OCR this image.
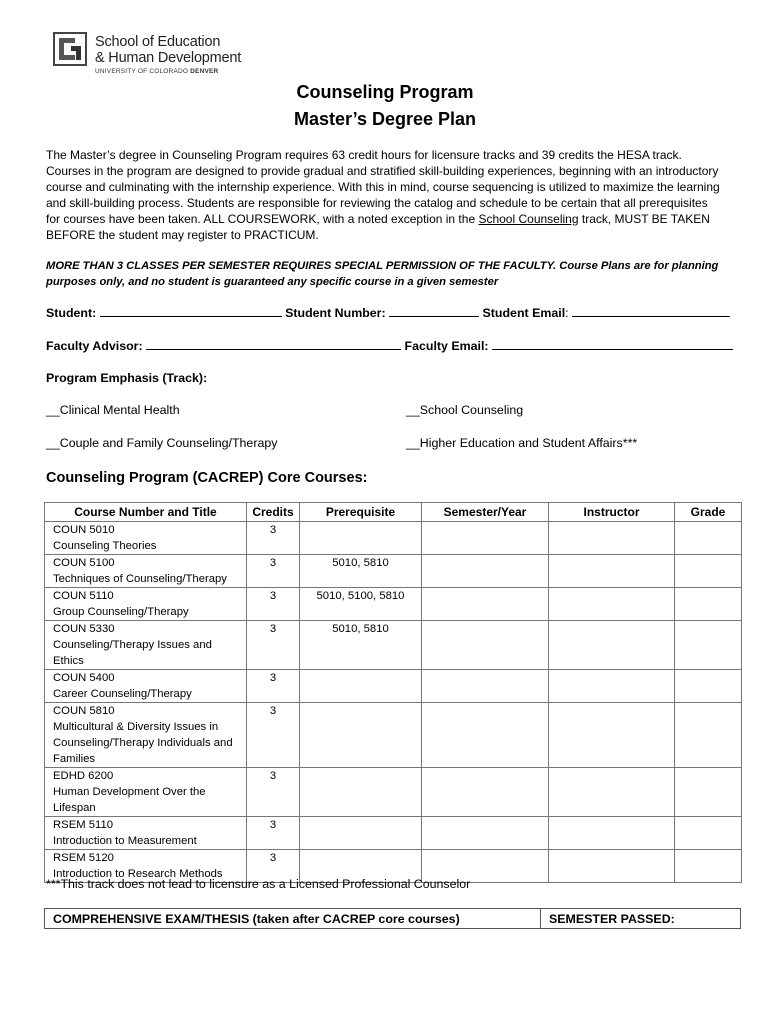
School of Education
& Human Development
UNIVERSITY OF COLORADO DENVER
Counseling Program
Master’s Degree Plan
The Master’s degree in Counseling Program requires 63 credit hours for licensure tracks and 39 credits the HESA track. Courses in the program are designed to provide gradual and stratified skill-building experiences, beginning with an introductory course and culminating with the internship experience. With this in mind, course sequencing is utilized to maximize the learning and skill-building process. Students are responsible for reviewing the catalog and schedule to be certain that all prerequisites for courses have been taken. ALL COURSEWORK, with a noted exception in the School Counseling track, MUST BE TAKEN BEFORE the student may register to PRACTICUM.
MORE THAN 3 CLASSES PER SEMESTER REQUIRES SPECIAL PERMISSION OF THE FACULTY. Course Plans are for planning purposes only, and no student is guaranteed any specific course in a given semester
Student:	Student Number:	Student Email:
Faculty Advisor:	Faculty Email:
Program Emphasis (Track):
__Clinical Mental Health	__School Counseling
__Couple and Family Counseling/Therapy	__Higher Education and Student Affairs***
Counseling Program (CACREP) Core Courses:
Course Number and Title	Credits	Prerequisite	Semester/Year	Instructor	Grade

COUN 5010
Counseling Theories	3				

COUN 5100
Techniques of Counseling/Therapy	3	5010, 5810			

COUN 5110
Group Counseling/Therapy	3	5010, 5100, 5810			

COUN 5330
Counseling/Therapy Issues and
Ethics	3	5010, 5810			

COUN 5400
Career Counseling/Therapy	3				

COUN 5810
Multicultural & Diversity Issues in
Counseling/Therapy Individuals and
Families	3				

EDHD 6200
Human Development Over the
Lifespan	3				

RSEM 5110
Introduction to Measurement	3				

RSEM 5120
Introduction to Research Methods	3				
***This track does not lead to licensure as a Licensed Professional Counselor
COMPREHENSIVE EXAM/THESIS (taken after CACREP core courses)	SEMESTER PASSED:
